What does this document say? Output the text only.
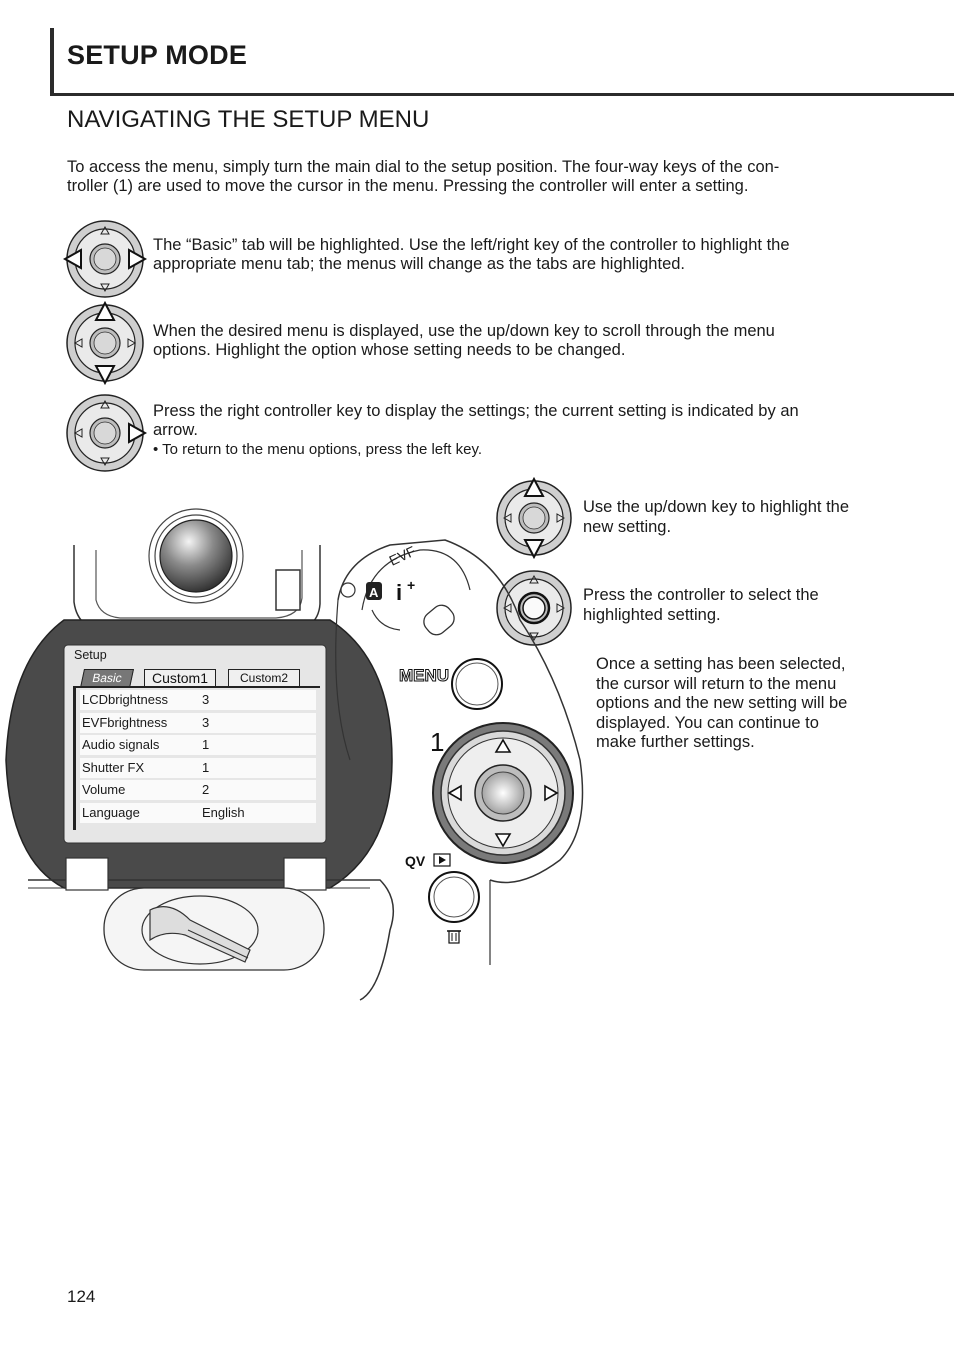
SETUP MODE
NAVIGATING THE SETUP MENU
To access the menu, simply turn the main dial to the setup position. The four-way keys of the con-
troller (1) are used to move the cursor in the menu. Pressing the controller will enter a setting.
The “Basic” tab will be highlighted. Use the left/right key of the controller to highlight the
appropriate menu tab; the menus will change as the tabs are highlighted.
When the desired menu is displayed, use the up/down key to scroll through the menu
options. Highlight the option whose setting needs to be changed.
Press the right controller key to display the settings; the current setting is indicated by an
arrow.
• To return to the menu options, press the left key.
Use the up/down key to highlight the
new setting.
Press the controller to select the
highlighted setting.
Once a setting has been selected,
the cursor will return to the menu
options and the new setting will be
displayed. You can continue to
make further settings.
A i +
EVF
MENU
1
QV
Setup
Basic	Custom1	Custom2
LCDbrightness	3
EVFbrightness	3
Audio signals	1
Shutter FX	1
Volume	2
Language	English
124
